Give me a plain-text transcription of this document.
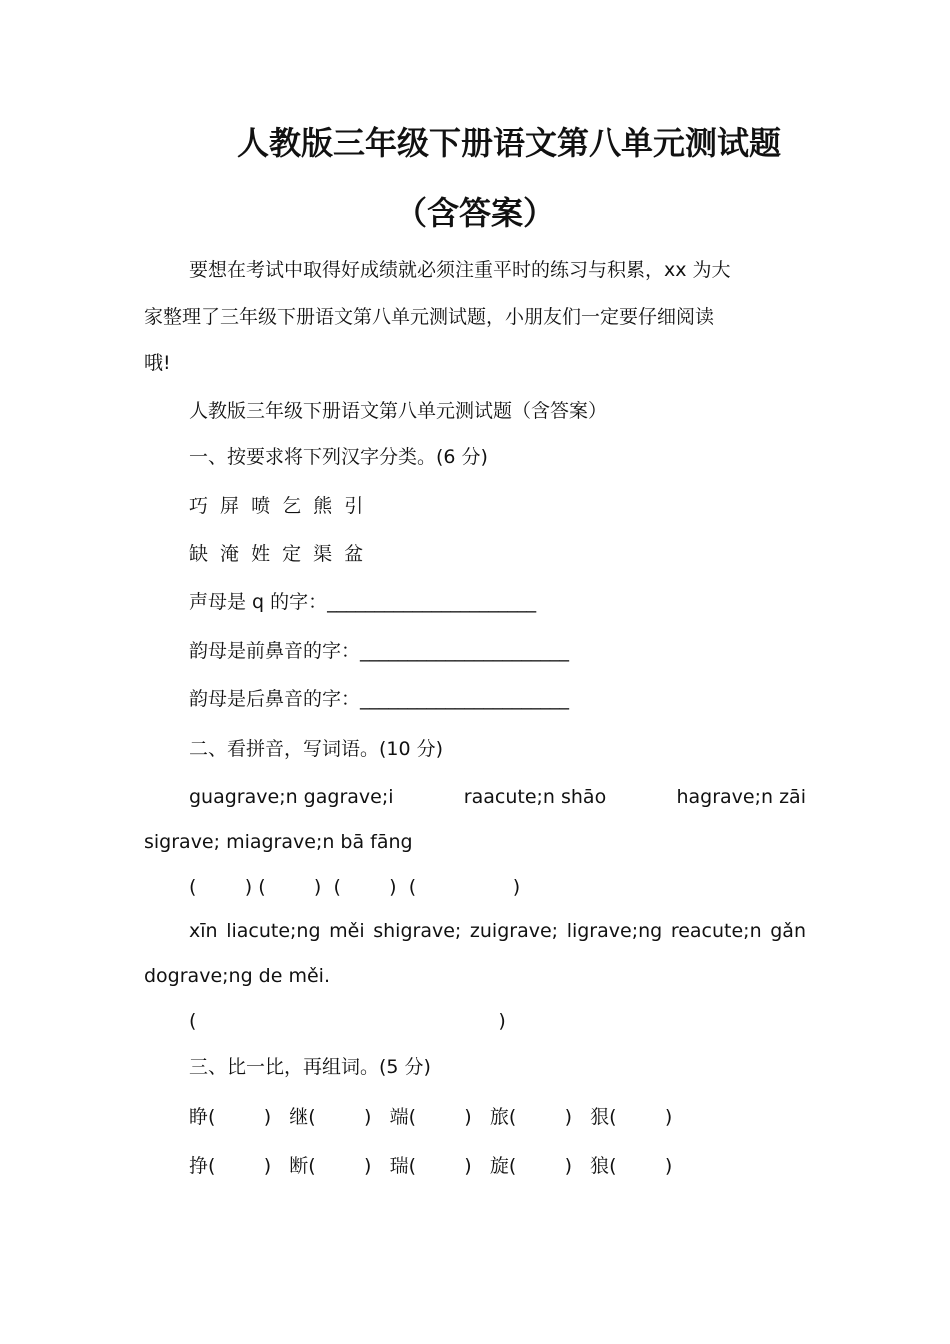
人教版三年级下册语文第八单元测试题
（含答案）
要想在考试中取得好成绩就必须注重平时的练习与积累，xx 为大
家整理了三年级下册语文第八单元测试题，小朋友们一定要仔细阅读
哦!
人教版三年级下册语文第八单元测试题（含答案）
一、按要求将下列汉字分类。(6 分)
巧 屏 喷 乞 熊 引
缺 淹 姓 定 渠 盆
声母是 q 的字：______________________
韵母是前鼻音的字：______________________
韵母是后鼻音的字：______________________
二、看拼音，写词语。(10 分)
guagrave;n gagrave;i	raacute;n shāo	hagrave;n zāi
sigrave; miagrave;n bā fāng
(        ) (        ) (        ) (                )
xīn liacute;ng měi shigrave; zuigrave; ligrave;ng reacute;n gǎn
dograve;ng de měi.
(                                                  )
三、比一比，再组词。(5 分)
睁(        ) 继(        ) 端(        ) 旅(        ) 狠(        )
挣(        ) 断(        ) 瑞(        ) 旋(        ) 狼(        )
